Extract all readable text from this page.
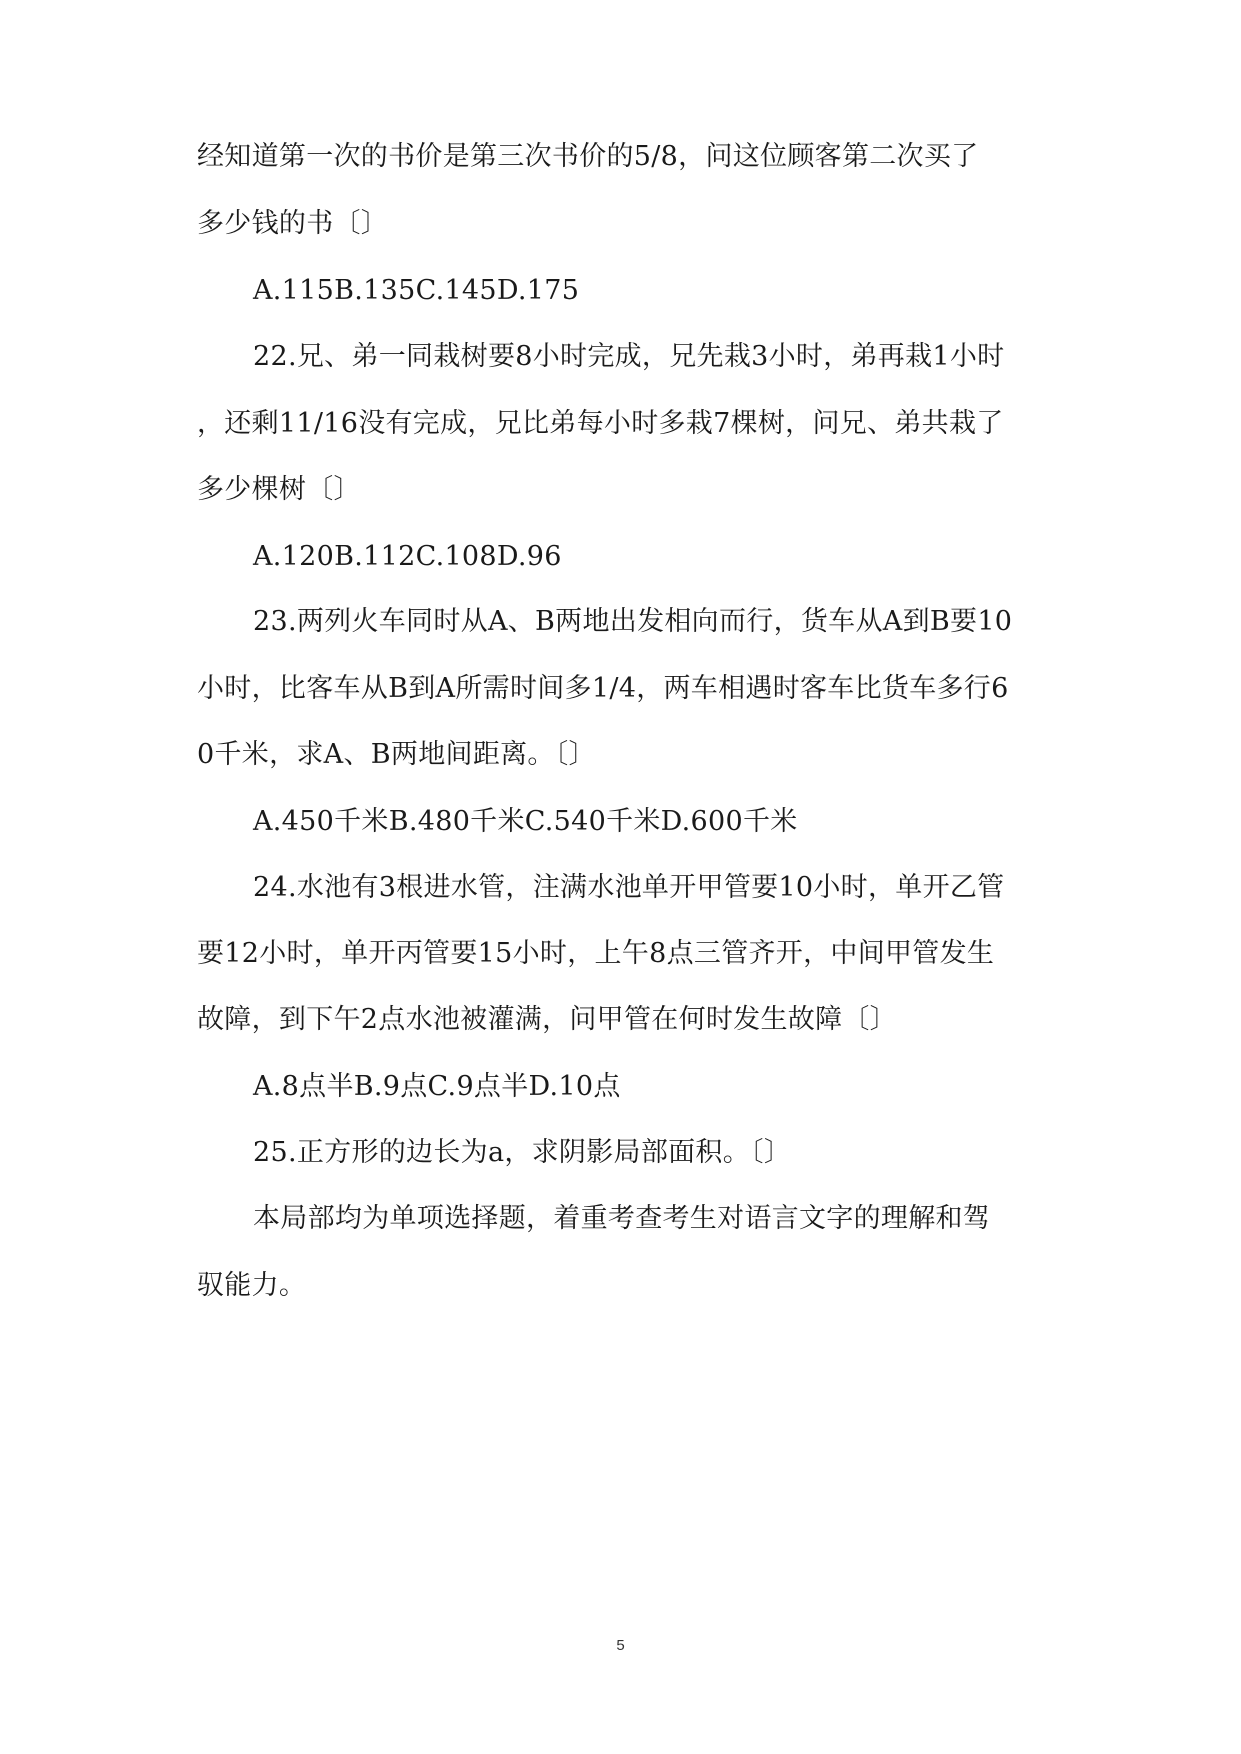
经知道第一次的书价是第三次书价的5/8，问这位顾客第二次买了
多少钱的书〔〕
A.115B.135C.145D.175
22.兄、弟一同栽树要8小时完成，兄先栽3小时，弟再栽1小时
，还剩11/16没有完成，兄比弟每小时多栽7棵树，问兄、弟共栽了
多少棵树〔〕
A.120B.112C.108D.96
23.两列火车同时从A、B两地出发相向而行，货车从A到B要10
小时，比客车从B到A所需时间多1/4，两车相遇时客车比货车多行6
0千米，求A、B两地间距离。〔〕
A.450千米B.480千米C.540千米D.600千米
24.水池有3根进水管，注满水池单开甲管要10小时，单开乙管
要12小时，单开丙管要15小时，上午8点三管齐开，中间甲管发生
故障，到下午2点水池被灌满，问甲管在何时发生故障〔〕
A.8点半B.9点C.9点半D.10点
25.正方形的边长为a，求阴影局部面积。〔〕
本局部均为单项选择题，着重考查考生对语言文字的理解和驾
驭能力。
5
